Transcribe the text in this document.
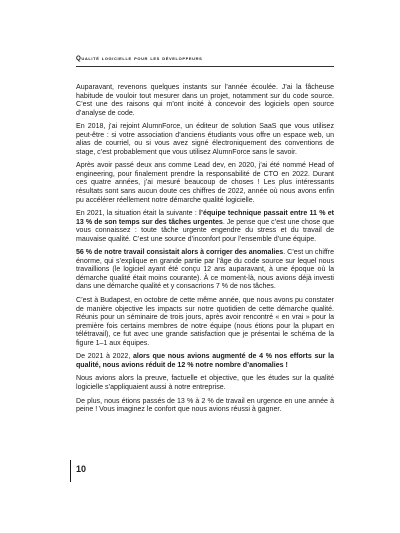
Qualité logicielle pour les développeurs

Auparavant, revenons quelques instants sur l’année écoulée. J’ai la fâcheuse habitude de vouloir tout mesurer dans un projet, notamment sur du code source. C’est une des raisons qui m’ont incité à concevoir des logiciels open source d’analyse de code.

En 2018, j’ai rejoint AlumnForce, un éditeur de solution SaaS que vous utilisez peut-être : si votre association d’anciens étudiants vous offre un espace web, un alias de courriel, ou si vous avez signé électroniquement des conventions de stage, c’est probablement que vous utilisez AlumnForce sans le savoir.

Après avoir passé deux ans comme Lead dev, en 2020, j’ai été nommé Head of engineering, pour finalement prendre la responsabilité de CTO en 2022. Durant ces quatre années, j’ai mesuré beaucoup de choses ! Les plus intéressants résultats sont sans aucun doute ces chiffres de 2022, année où nous avons enfin pu accélérer réellement notre démarche qualité logicielle.

En 2021, la situation était la suivante : l’équipe technique passait entre 11 % et 13 % de son temps sur des tâches urgentes. Je pense que c’est une chose que vous connaissez : toute tâche urgente engendre du stress et du travail de mauvaise qualité. C’est une source d’inconfort pour l’ensemble d’une équipe.

56 % de notre travail consistait alors à corriger des anomalies. C’est un chiffre énorme, qui s’explique en grande partie par l’âge du code source sur lequel nous travaillions (le logiciel ayant été conçu 12 ans auparavant, à une époque où la démarche qualité était moins courante). À ce moment-là, nous avions déjà investi dans une démarche qualité et y consacrions 7 % de nos tâches.

C’est à Budapest, en octobre de cette même année, que nous avons pu constater de manière objective les impacts sur notre quotidien de cette démarche qualité. Réunis pour un séminaire de trois jours, après avoir rencontré « en vrai » pour la première fois certains membres de notre équipe (nous étions pour la plupart en télétravail), ce fut avec une grande satisfaction que je présentai le schéma de la figure 1–1 aux équipes.

De 2021 à 2022, alors que nous avions augmenté de 4 % nos efforts sur la qualité, nous avions réduit de 12 % notre nombre d’anomalies !

Nous avions alors la preuve, factuelle et objective, que les études sur la qualité logicielle s’appliquaient aussi à notre entreprise.

De plus, nous étions passés de 13 % à 2 % de travail en urgence en une année à peine ! Vous imaginez le confort que nous avions réussi à gagner.

10
